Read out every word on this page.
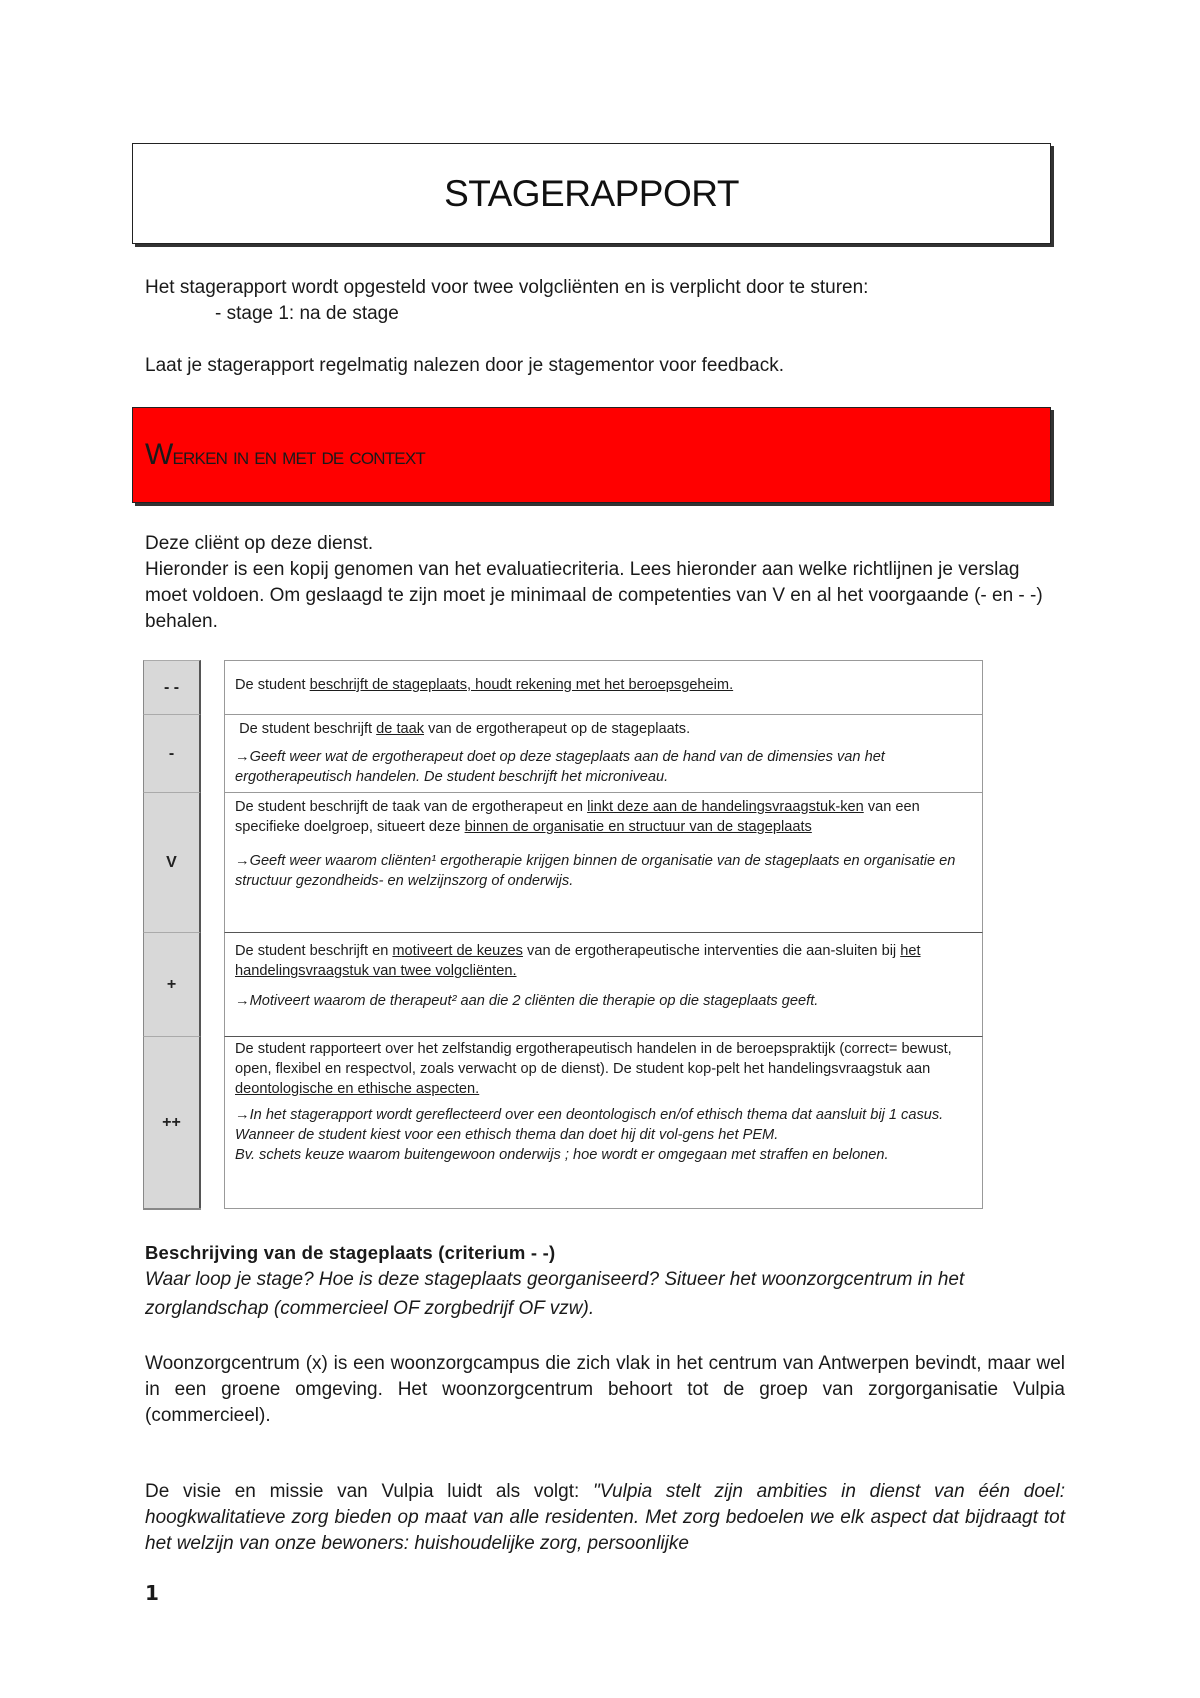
STAGERAPPORT

Het stagerapport wordt opgesteld voor twee volgcliënten en is verplicht door te sturen:

- stage 1: na de stage

Laat je stagerapport regelmatig nalezen door je stagementor voor feedback.

Werken in en met de context

Deze cliënt op deze dienst.

Hieronder is een kopij genomen van het evaluatiecriteria. Lees hieronder aan welke richtlijnen je verslag moet voldoen. Om geslaagd te zijn moet je minimaal de competenties van V en al het voorgaande (- en - -) behalen.

- -	De student beschrijft de stageplaats, houdt rekening met het beroepsgeheim.

-

De student beschrijft de taak van de ergotherapeut op de stageplaats.

→Geeft weer wat de ergotherapeut doet op deze stageplaats aan de hand van de dimensies van het ergotherapeutisch handelen. De student beschrijft het microniveau.

V

De student beschrijft de taak van de ergotherapeut en linkt deze aan de handelingsvraagstuk-ken van een specifieke doelgroep, situeert deze binnen de organisatie en structuur van de stageplaats

→Geeft weer waarom cliënten¹ ergotherapie krijgen binnen de organisatie van de stageplaats en organisatie en structuur gezondheids- en welzijnszorg of onderwijs.

+

De student beschrijft en motiveert de keuzes van de ergotherapeutische interventies die aan-sluiten bij het handelingsvraagstuk van twee volgcliënten.

→Motiveert waarom de therapeut² aan die 2 cliënten die therapie op die stageplaats geeft.

++

De student rapporteert over het zelfstandig ergotherapeutisch handelen in de beroepspraktijk (correct= bewust, open, flexibel en respectvol, zoals verwacht op de dienst). De student kop-pelt het handelingsvraagstuk aan deontologische en ethische aspecten.

→In het stagerapport wordt gereflecteerd over een deontologisch en/of ethisch thema dat aansluit bij 1 casus. Wanneer de student kiest voor een ethisch thema dan doet hij dit vol-gens het PEM.

Bv. schets keuze waarom buitengewoon onderwijs ; hoe wordt er omgegaan met straffen en belonen.

Beschrijving van de stageplaats (criterium - -)

Waar loop je stage? Hoe is deze stageplaats georganiseerd? Situeer het woonzorgcentrum in het zorglandschap (commercieel OF zorgbedrijf OF vzw).

Woonzorgcentrum (x) is een woonzorgcampus die zich vlak in het centrum van Antwerpen bevindt, maar wel in een groene omgeving. Het woonzorgcentrum behoort tot de groep van zorgorganisatie Vulpia (commercieel).

De visie en missie van Vulpia luidt als volgt: "Vulpia stelt zijn ambities in dienst van één doel: hoogkwalitatieve zorg bieden op maat van alle residenten. Met zorg bedoelen we elk aspect dat bijdraagt tot het welzijn van onze bewoners: huishoudelijke zorg, persoonlijke

1
